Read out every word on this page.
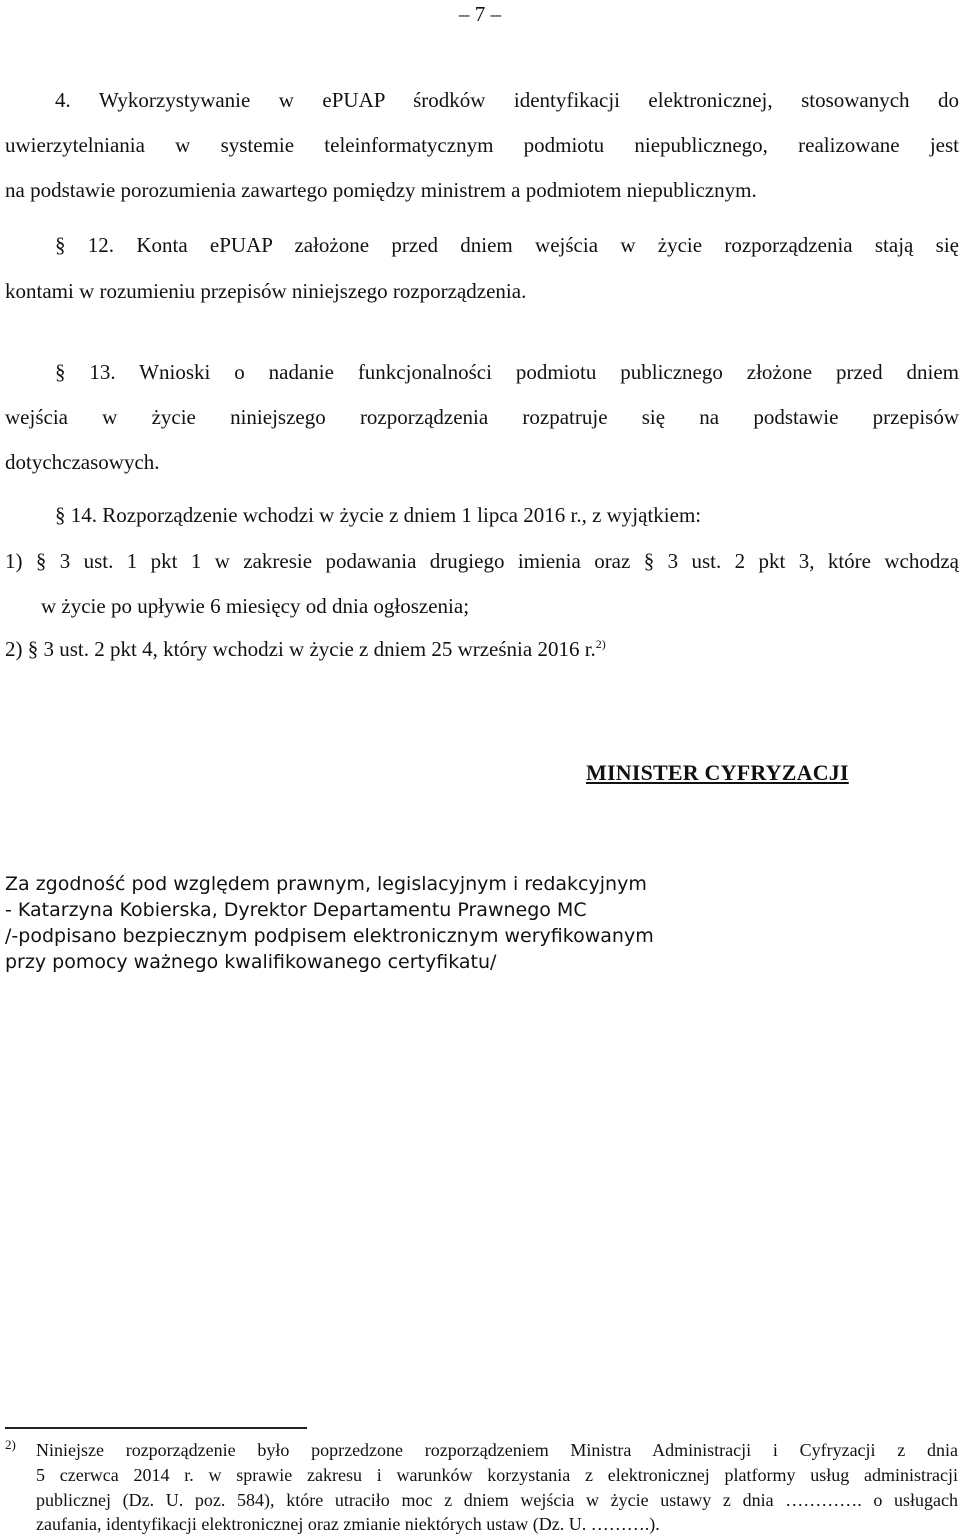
– 7 –
4. Wykorzystywanie w ePUAP środków identyfikacji elektronicznej, stosowanych do
uwierzytelniania w systemie teleinformatycznym podmiotu niepublicznego, realizowane jest
na podstawie porozumienia zawartego pomiędzy ministrem a podmiotem niepublicznym.
§ 12. Konta ePUAP założone przed dniem wejścia w życie rozporządzenia stają się
kontami w rozumieniu przepisów niniejszego rozporządzenia.
§ 13. Wnioski o nadanie funkcjonalności podmiotu publicznego złożone przed dniem
wejścia w życie niniejszego rozporządzenia rozpatruje się na podstawie przepisów
dotychczasowych.
§ 14. Rozporządzenie wchodzi w życie z dniem 1 lipca 2016 r., z wyjątkiem:
1) § 3 ust. 1 pkt 1 w zakresie podawania drugiego imienia oraz § 3 ust. 2 pkt 3, które wchodzą
w życie po upływie 6 miesięcy od dnia ogłoszenia;
2) § 3 ust. 2 pkt 4, który wchodzi w życie z dniem 25 września 2016 r.$^{2)}$
MINISTER CYFRYZACJI
Za zgodność pod względem prawnym, legislacyjnym i redakcyjnym
- Katarzyna Kobierska, Dyrektor Departamentu Prawnego MC
/-podpisano bezpiecznym podpisem elektronicznym weryfikowanym
przy pomocy ważnego kwalifikowanego certyfikatu/
2) Niniejsze rozporządzenie było poprzedzone rozporządzeniem Ministra Administracji i Cyfryzacji z dnia
5 czerwca 2014 r. w sprawie zakresu i warunków korzystania z elektronicznej platformy usług administracji
publicznej (Dz. U. poz. 584), które utraciło moc z dniem wejścia w życie ustawy z dnia …………. o usługach
zaufania, identyfikacji elektronicznej oraz zmianie niektórych ustaw (Dz. U. ……….).
